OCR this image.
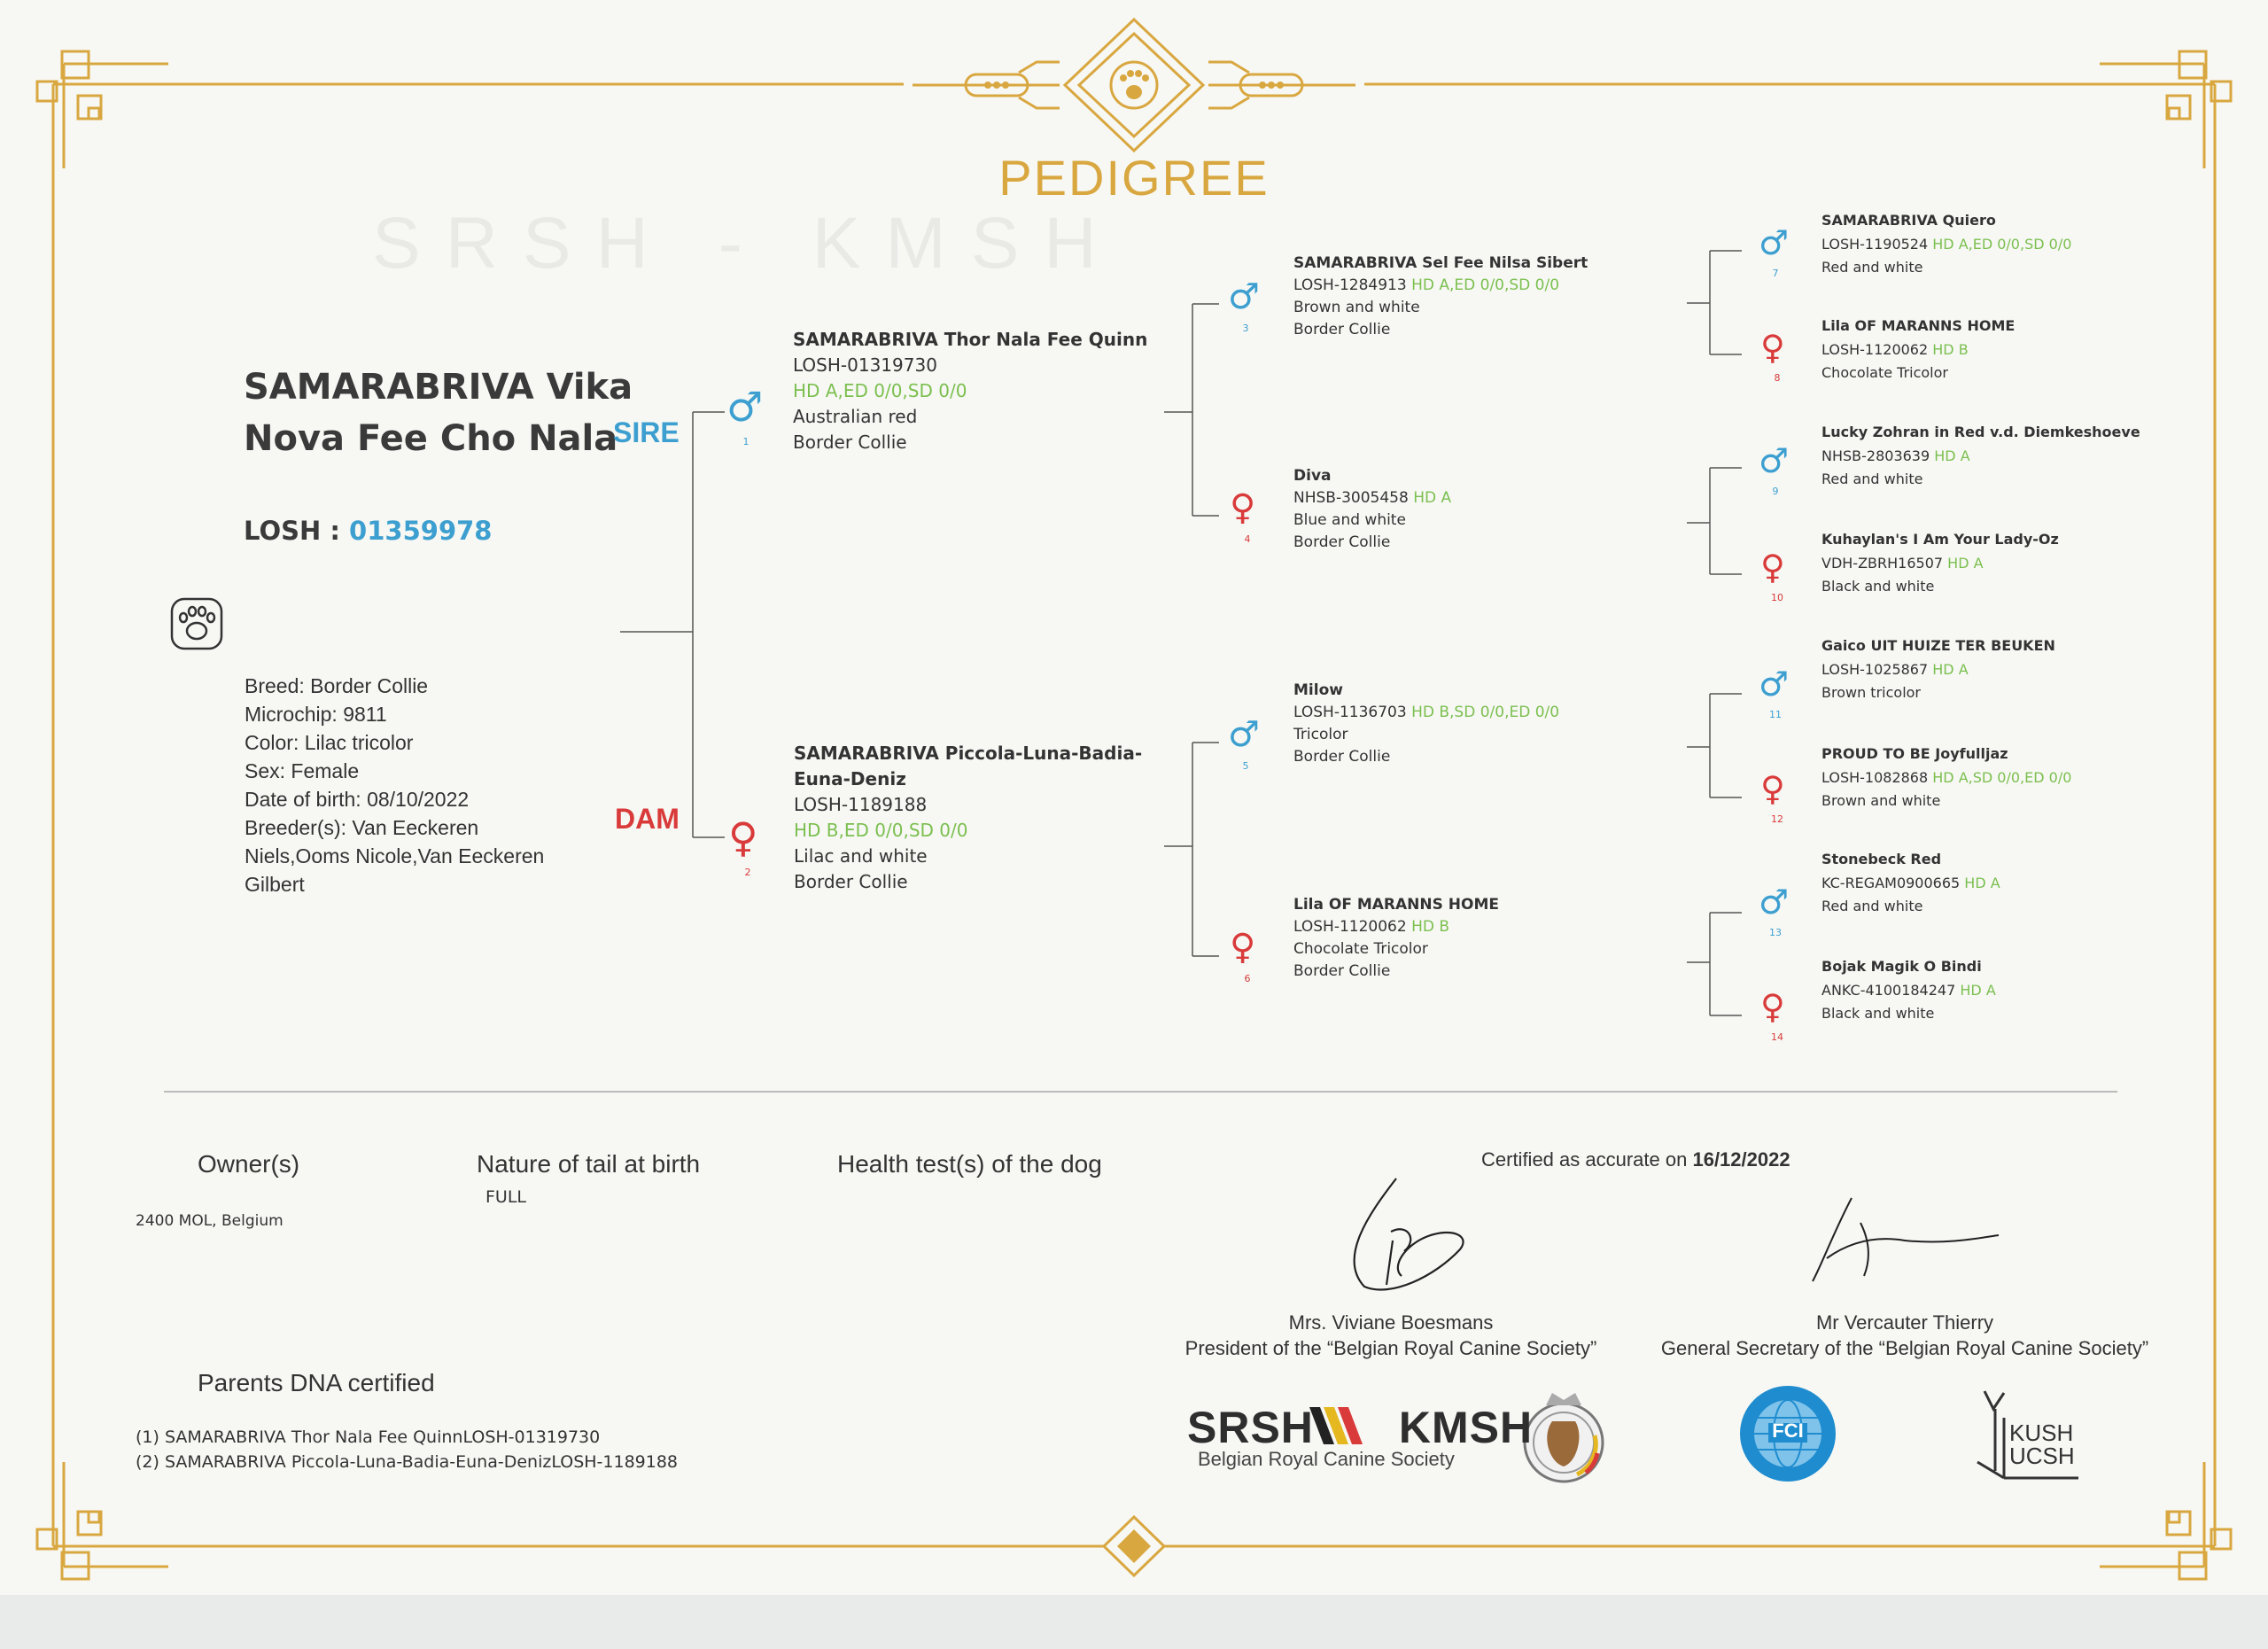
SRSH - KMSH
PEDIGREE
SAMARABRIVA Vika Nova Fee Cho Nala
LOSH : 01359978
Breed: Border Collie
Microchip: 9811
Color: Lilac tricolor
Sex: Female
Date of birth: 08/10/2022
Breeder(s): Van Eeckeren Niels,Ooms Nicole,Van Eeckeren Gilbert
SIRE
DAM
♂
1
SAMARABRIVA Thor Nala Fee Quinn
LOSH-01319730
HD A,ED 0/0,SD 0/0
Australian red
Border Collie
♀
2
SAMARABRIVA Piccola-Luna-Badia-Euna-Deniz
LOSH-1189188
HD B,ED 0/0,SD 0/0
Lilac and white
Border Collie
♂
3
SAMARABRIVA Sel Fee Nilsa Sibert
LOSH-1284913 HD A,ED 0/0,SD 0/0
Brown and white
Border Collie
♀
4
Diva
NHSB-3005458 HD A
Blue and white
Border Collie
♂
5
Milow
LOSH-1136703 HD B,SD 0/0,ED 0/0
Tricolor
Border Collie
♀
6
Lila OF MARANNS HOME
LOSH-1120062 HD B
Chocolate Tricolor
Border Collie
♂
7
SAMARABRIVA Quiero
LOSH-1190524 HD A,ED 0/0,SD 0/0
Red and white
♀
8
Lila OF MARANNS HOME
LOSH-1120062 HD B
Chocolate Tricolor
♂
9
Lucky Zohran in Red v.d. Diemkeshoeve
NHSB-2803639 HD A
Red and white
♀
10
Kuhaylan's I Am Your Lady-Oz
VDH-ZBRH16507 HD A
Black and white
♂
11
Gaico UIT HUIZE TER BEUKEN
LOSH-1025867 HD A
Brown tricolor
♀
12
PROUD TO BE Joyfulljaz
LOSH-1082868 HD A,SD 0/0,ED 0/0
Brown and white
♂
13
Stonebeck Red
KC-REGAM0900665 HD A
Red and white
♀
14
Bojak Magik O Bindi
ANKC-4100184247 HD A
Black and white
Owner(s)
2400 MOL, Belgium
Nature of tail at birth
FULL
Health test(s) of the dog	Certified as accurate on 16/12/2022
Mrs. Viviane Boesmans
President of the “Belgian Royal Canine Society”
Mr Vercauter Thierry
General Secretary of the “Belgian Royal Canine Society”
Parents DNA certified
(1) SAMARABRIVA Thor Nala Fee QuinnLOSH-01319730
(2) SAMARABRIVA Piccola-Luna-Badia-Euna-DenizLOSH-1189188
SRSH KMSH
Belgian Royal Canine Society
FCI	KUSH
UCSH
